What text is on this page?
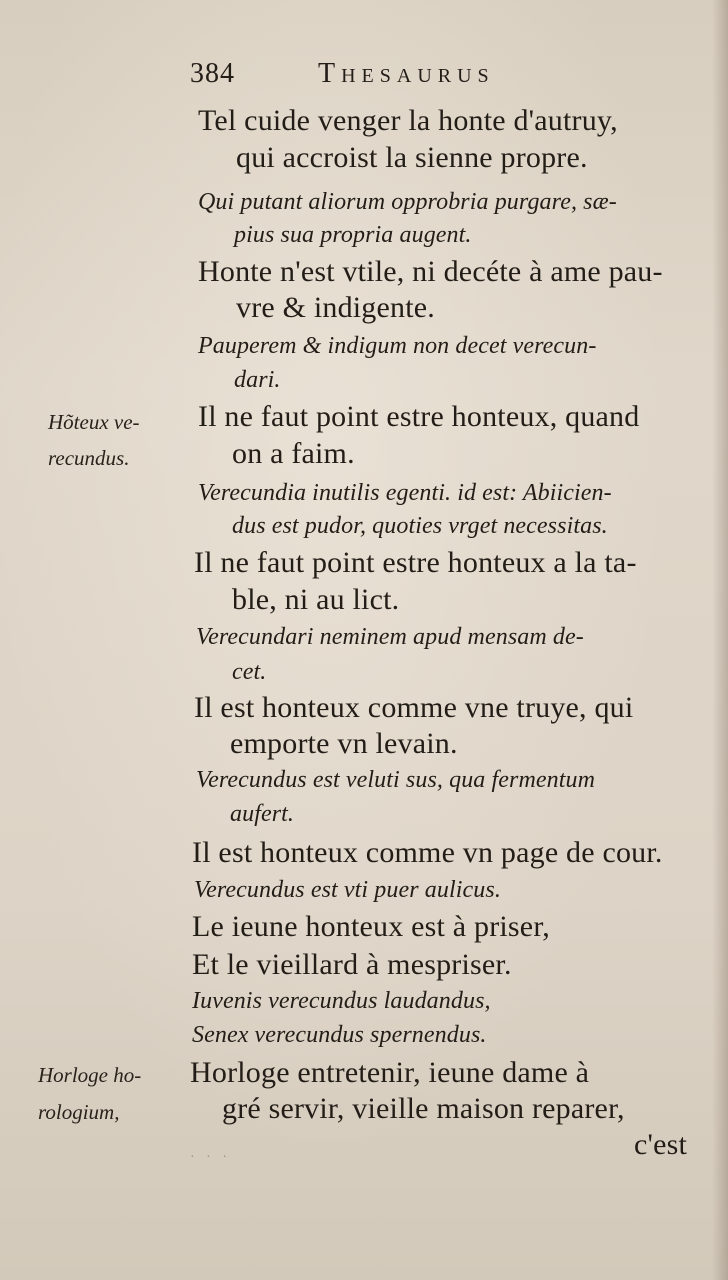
384	Thesaurus
Tel cuide venger la honte d'autruy,
qui accroist la sienne propre.
Qui putant aliorum opprobria purgare, sæ-
pius sua propria augent.
Honte n'est vtile, ni decéte à ame pau-
vre & indigente.
Pauperem & indigum non decet verecun-
dari.
Hõteux ve-
recundus.
Il ne faut point estre honteux, quand
on a faim.
Verecundia inutilis egenti. id est: Abiicien-
dus est pudor, quoties vrget necessitas.
Il ne faut point estre honteux a la ta-
ble, ni au lict.
Verecundari neminem apud mensam de-
cet.
Il est honteux comme vne truye, qui
emporte vn levain.
Verecundus est veluti sus, qua fermentum
aufert.
Il est honteux comme vn page de cour.
Verecundus est vti puer aulicus.
Le ieune honteux est à priser,
Et le vieillard à mespriser.
Iuvenis verecundus laudandus,
Senex verecundus spernendus.
Horloge ho-
rologium,
Horloge entretenir, ieune dame à
gré servir, vieille maison reparer,
c'est
· · ·
